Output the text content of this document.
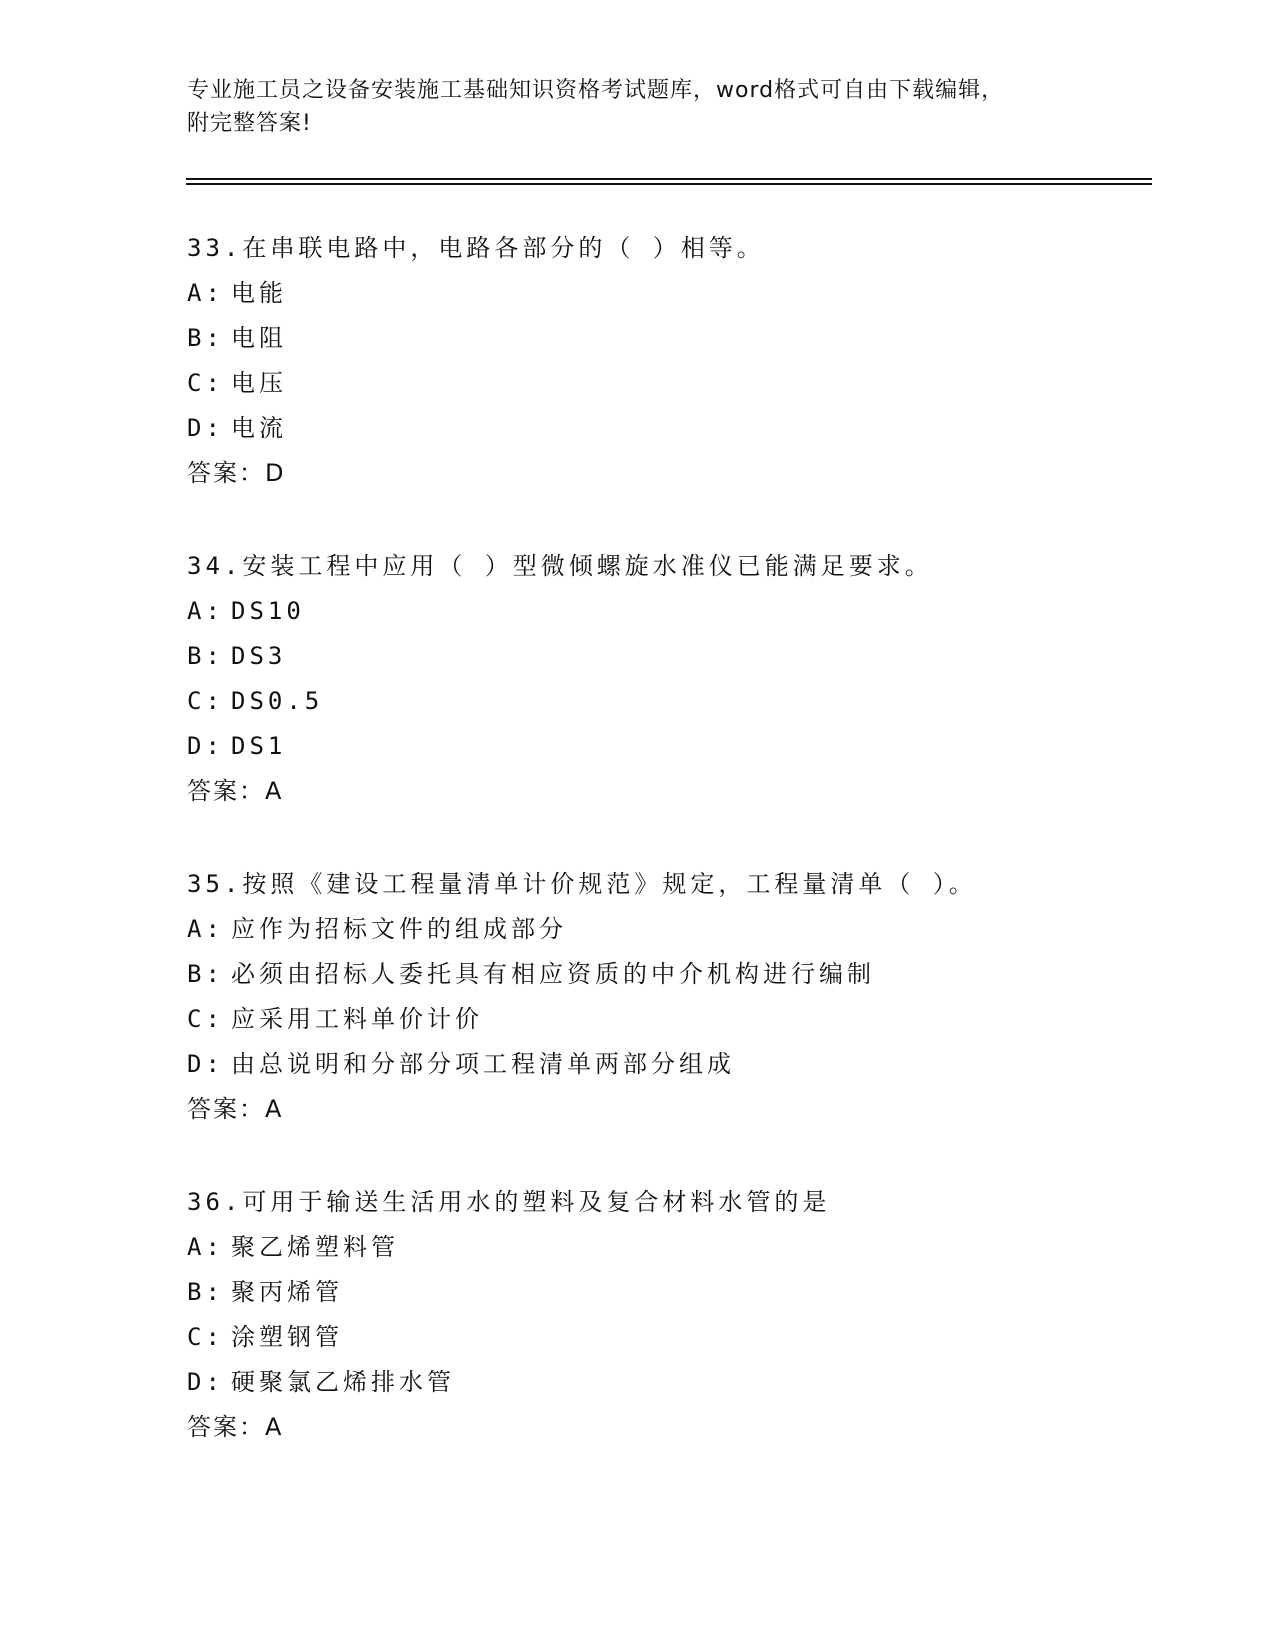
专业施工员之设备安装施工基础知识资格考试题库，word格式可自由下载编辑，

附完整答案!

33.在串联电路中，电路各部分的（ ）相等。
A: 电能
B: 电阻
C: 电压
D: 电流
答案：D
34.安装工程中应用（ ）型微倾螺旋水准仪已能满足要求。
A: DS10
B: DS3
C: DS0.5
D: DS1
答案：A
35.按照《建设工程量清单计价规范》规定，工程量清单（ ）。
A: 应作为招标文件的组成部分
B: 必须由招标人委托具有相应资质的中介机构进行编制
C: 应采用工料单价计价
D: 由总说明和分部分项工程清单两部分组成
答案：A
36.可用于输送生活用水的塑料及复合材料水管的是
A: 聚乙烯塑料管
B: 聚丙烯管
C: 涂塑钢管
D: 硬聚氯乙烯排水管
答案：A
